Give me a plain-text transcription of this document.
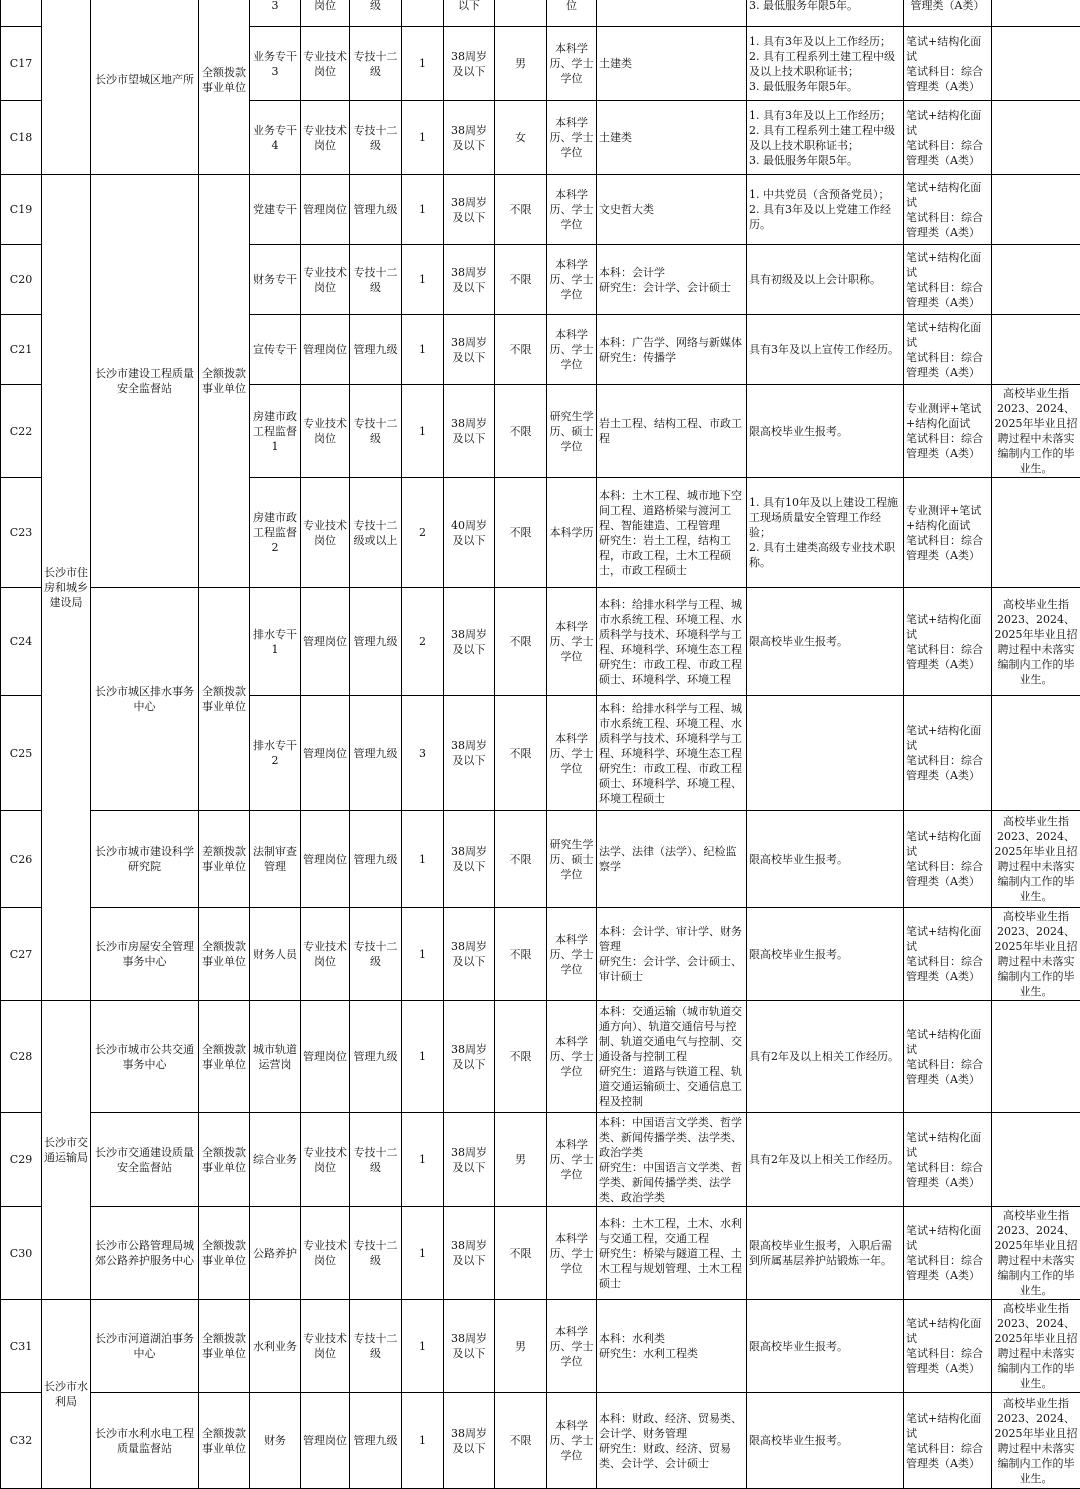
		长沙市望城区地产所	全额拨款事业单位	3	岗位	级		以下		位		3. 最低服务年限5年。	管理类（A类）	
C17				业务专干3	专业技术岗位	专技十二级	1	38周岁及以下	男	本科学历、学士学位	土建类	1. 具有3年及以上工作经历；
2. 具有工程系列土建工程中级及以上技术职称证书；
3. 最低服务年限5年。	笔试+结构化面试
笔试科目：综合管理类（A类）	
C18				业务专干4	专业技术岗位	专技十二级	1	38周岁及以下	女	本科学历、学士学位	土建类	1. 具有3年及以上工作经历；
2. 具有工程系列土建工程中级及以上技术职称证书；
3. 最低服务年限5年。	笔试+结构化面试
笔试科目：综合管理类（A类）	
C19	长沙市住房和城乡建设局	长沙市建设工程质量安全监督站	全额拨款事业单位	党建专干	管理岗位	管理九级	1	38周岁及以下	不限	本科学历、学士学位	文史哲大类	1. 中共党员（含预备党员）；
2. 具有3年及以上党建工作经历。	笔试+结构化面试
笔试科目：综合管理类（A类）	
C20				财务专干	专业技术岗位	专技十二级	1	38周岁及以下	不限	本科学历、学士学位	本科：会计学
研究生：会计学、会计硕士	具有初级及以上会计职称。	笔试+结构化面试
笔试科目：综合管理类（A类）	
C21				宣传专干	管理岗位	管理九级	1	38周岁及以下	不限	本科学历、学士学位	本科：广告学、网络与新媒体
研究生：传播学	具有3年及以上宣传工作经历。	笔试+结构化面试
笔试科目：综合管理类（A类）	
C22				房建市政工程监督1	专业技术岗位	专技十二级	1	38周岁及以下	不限	研究生学历、硕士学位	岩土工程、结构工程、市政工程	限高校毕业生报考。	专业测评+笔试+结构化面试
笔试科目：综合管理类（A类）	高校毕业生指2023、2024、2025年毕业且招聘过程中未落实编制内工作的毕业生。
C23				房建市政工程监督2	专业技术岗位	专技十二级或以上	2	40周岁及以下	不限	本科学历	本科：土木工程、城市地下空间工程、道路桥梁与渡河工程、智能建造、工程管理
研究生：岩土工程，结构工程，市政工程，土木工程硕士，市政工程硕士	1. 具有10年及以上建设工程施工现场质量安全管理工作经验；
2. 具有土建类高级专业技术职称。	专业测评+笔试+结构化面试
笔试科目：综合管理类（A类）	
C24		长沙市城区排水事务中心	全额拨款事业单位	排水专干1	管理岗位	管理九级	2	38周岁及以下	不限	本科学历、学士学位	本科：给排水科学与工程、城市水系统工程、环境工程、水质科学与技术、环境科学与工程、环境科学、环境生态工程
研究生：市政工程、市政工程硕士、环境科学、环境工程	限高校毕业生报考。	笔试+结构化面试
笔试科目：综合管理类（A类）	高校毕业生指2023、2024、2025年毕业且招聘过程中未落实编制内工作的毕业生。
C25				排水专干2	管理岗位	管理九级	3	38周岁及以下	不限	本科学历、学士学位	本科：给排水科学与工程、城市水系统工程、环境工程、水质科学与技术、环境科学与工程、环境科学、环境生态工程
研究生：市政工程、市政工程硕士、环境科学、环境工程、环境工程硕士		笔试+结构化面试
笔试科目：综合管理类（A类）	
C26		长沙市城市建设科学研究院	差额拨款事业单位	法制审查管理	管理岗位	管理九级	1	38周岁及以下	不限	研究生学历、硕士学位	法学、法律（法学）、纪检监察学	限高校毕业生报考。	笔试+结构化面试
笔试科目：综合管理类（A类）	高校毕业生指2023、2024、2025年毕业且招聘过程中未落实编制内工作的毕业生。
C27		长沙市房屋安全管理事务中心	全额拨款事业单位	财务人员	专业技术岗位	专技十二级	1	38周岁及以下	不限	本科学历、学士学位	本科：会计学、审计学、财务管理
研究生：会计学、会计硕士、审计硕士	限高校毕业生报考。	笔试+结构化面试
笔试科目：综合管理类（A类）	高校毕业生指2023、2024、2025年毕业且招聘过程中未落实编制内工作的毕业生。
C28	长沙市交通运输局	长沙市城市公共交通事务中心	全额拨款事业单位	城市轨道运营岗	管理岗位	管理九级	1	38周岁及以下	不限	本科学历、学士学位	本科：交通运输（城市轨道交通方向）、轨道交通信号与控制、轨道交通电气与控制、交通设备与控制工程
研究生：道路与铁道工程、轨道交通运输硕士、交通信息工程及控制	具有2年及以上相关工作经历。	笔试+结构化面试
笔试科目：综合管理类（A类）	
C29		长沙市交通建设质量安全监督站	全额拨款事业单位	综合业务	专业技术岗位	专技十二级	1	38周岁及以下	男	本科学历、学士学位	本科：中国语言文学类、哲学类、新闻传播学类、法学类、政治学类
研究生：中国语言文学类、哲学类、新闻传播学类、法学类、政治学类	具有2年及以上相关工作经历。	笔试+结构化面试
笔试科目：综合管理类（A类）	
C30		长沙市公路管理局城郊公路养护服务中心	全额拨款事业单位	公路养护	专业技术岗位	专技十二级	1	38周岁及以下	不限	本科学历、学士学位	本科：土木工程，土木、水利与交通工程，交通工程
研究生：桥梁与隧道工程、土木工程与规划管理、土木工程硕士	限高校毕业生报考，入职后需到所属基层养护站锻炼一年。	笔试+结构化面试
笔试科目：综合管理类（A类）	高校毕业生指2023、2024、2025年毕业且招聘过程中未落实编制内工作的毕业生。
C31	长沙市水利局	长沙市河道湖泊事务中心	全额拨款事业单位	水利业务	专业技术岗位	专技十二级	1	38周岁及以下	男	本科学历、学士学位	本科：水利类
研究生：水利工程类	限高校毕业生报考。	笔试+结构化面试
笔试科目：综合管理类（A类）	高校毕业生指2023、2024、2025年毕业且招聘过程中未落实编制内工作的毕业生。
C32		长沙市水利水电工程质量监督站	全额拨款事业单位	财务	管理岗位	管理九级	1	38周岁及以下	不限	本科学历、学士学位	本科：财政、经济、贸易类、会计学、财务管理
研究生：财政、经济、贸易类、会计学、会计硕士	限高校毕业生报考。	笔试+结构化面试
笔试科目：综合管理类（A类）	高校毕业生指2023、2024、2025年毕业且招聘过程中未落实编制内工作的毕业生。
